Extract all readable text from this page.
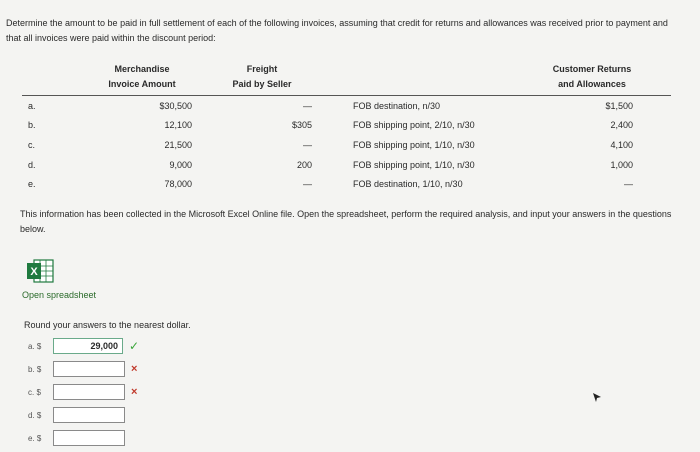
Determine the amount to be paid in full settlement of each of the following invoices, assuming that credit for returns and allowances was received prior to payment and
that all invoices were paid within the discount period:
	Merchandise	Freight		Customer Returns
	Invoice Amount	Paid by Seller		and Allowances
a.	$30,500	—	FOB destination, n/30	$1,500
b.	12,100	$305	FOB shipping point, 2/10, n/30	2,400
c.	21,500	—	FOB shipping point, 1/10, n/30	4,100
d.	9,000	200	FOB shipping point, 1/10, n/30	1,000
e.	78,000	—	FOB destination, 1/10, n/30	—
This information has been collected in the Microsoft Excel Online file. Open the spreadsheet, perform the required analysis, and input your answers in the questions below.
X
Open spreadsheet
Round your answers to the nearest dollar.
a. $	29,000 ✓
b. $	×
c. $	×
d. $
e. $
